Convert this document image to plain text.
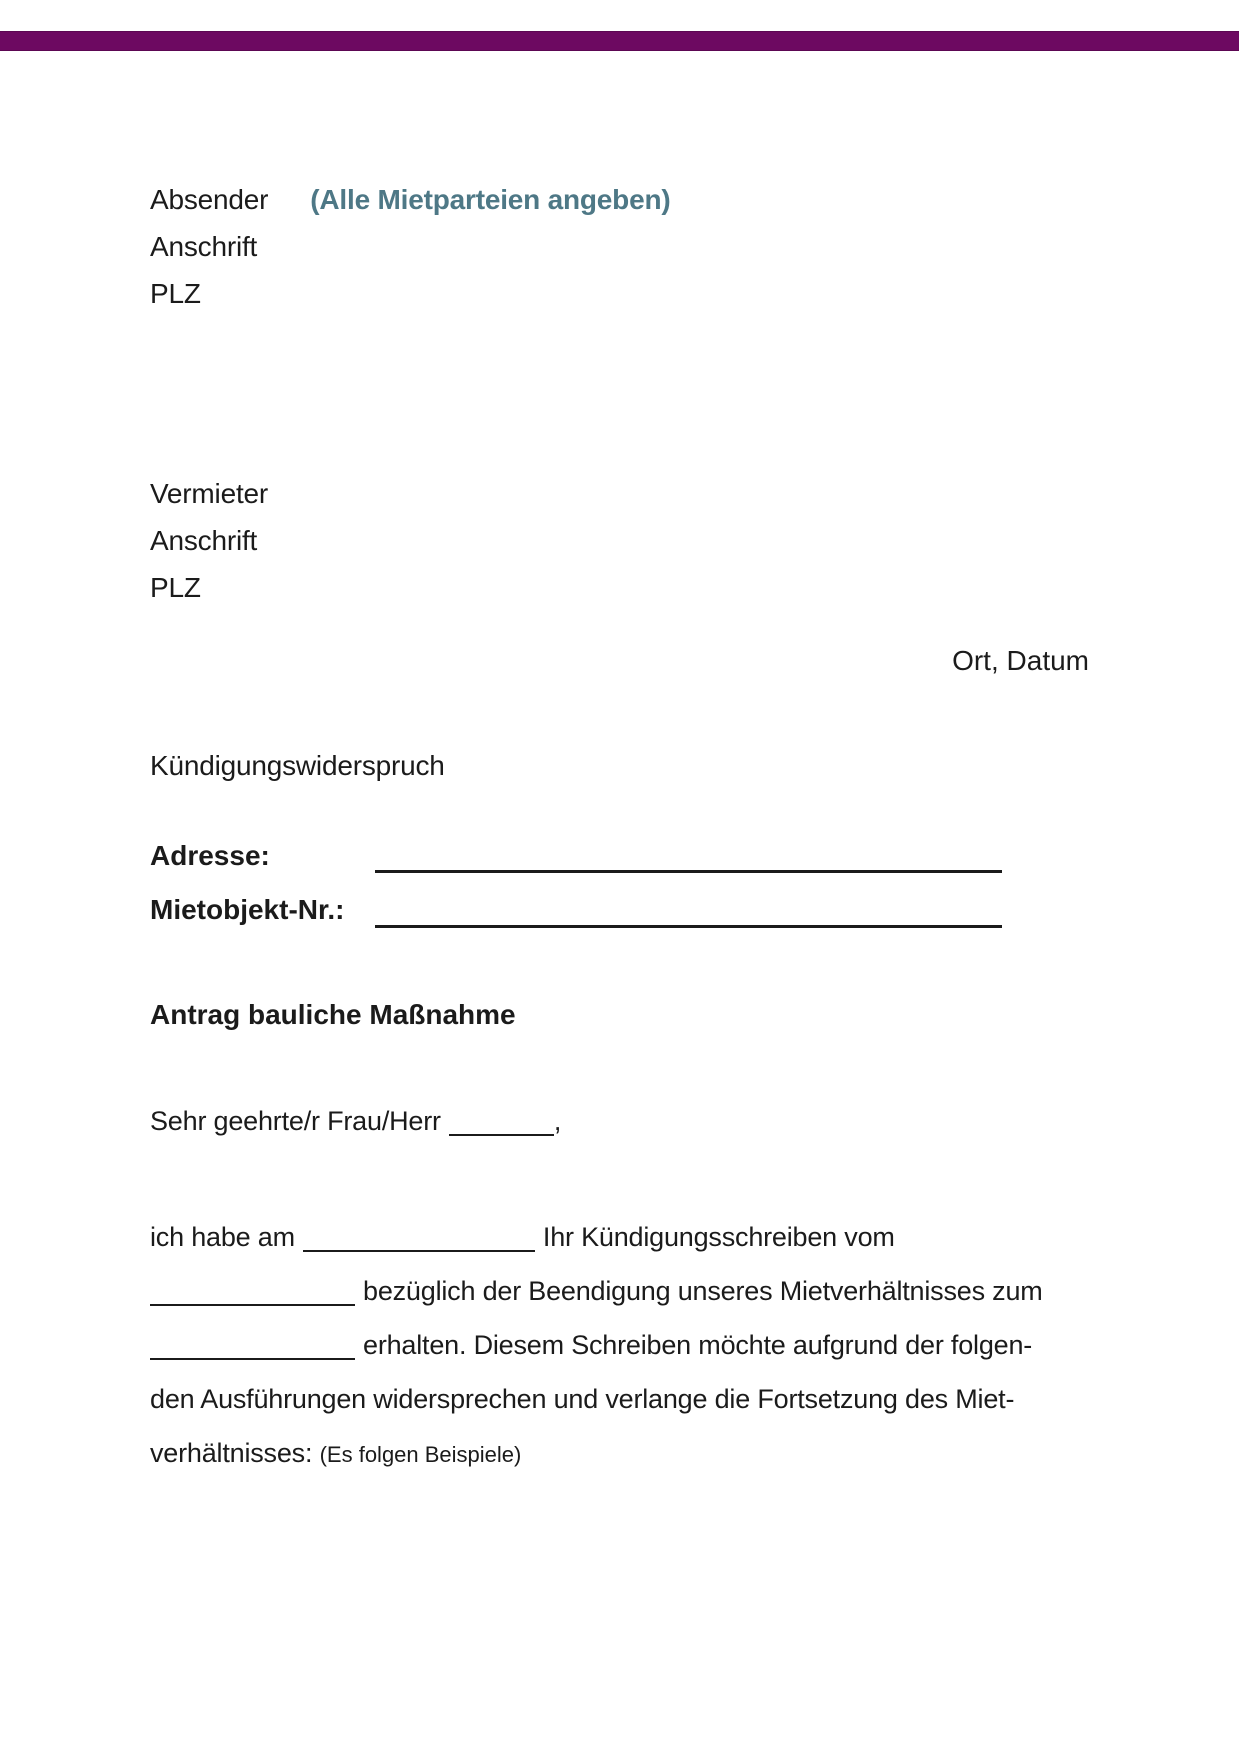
Absender (Alle Mietparteien angeben)
Anschrift
PLZ
Vermieter
Anschrift
PLZ
Ort, Datum
Kündigungswiderspruch
Adresse:
Mietobjekt-Nr.:
Antrag bauliche Maßnahme
Sehr geehrte/r Frau/Herr	,
ich habe am	Ihr Kündigungsschreiben vom
bezüglich der Beendigung unseres Mietverhältnisses zum
erhalten. Diesem Schreiben möchte aufgrund der folgen-
den Ausführungen widersprechen und verlange die Fortsetzung des Miet-
verhältnisses: (Es folgen Beispiele)
